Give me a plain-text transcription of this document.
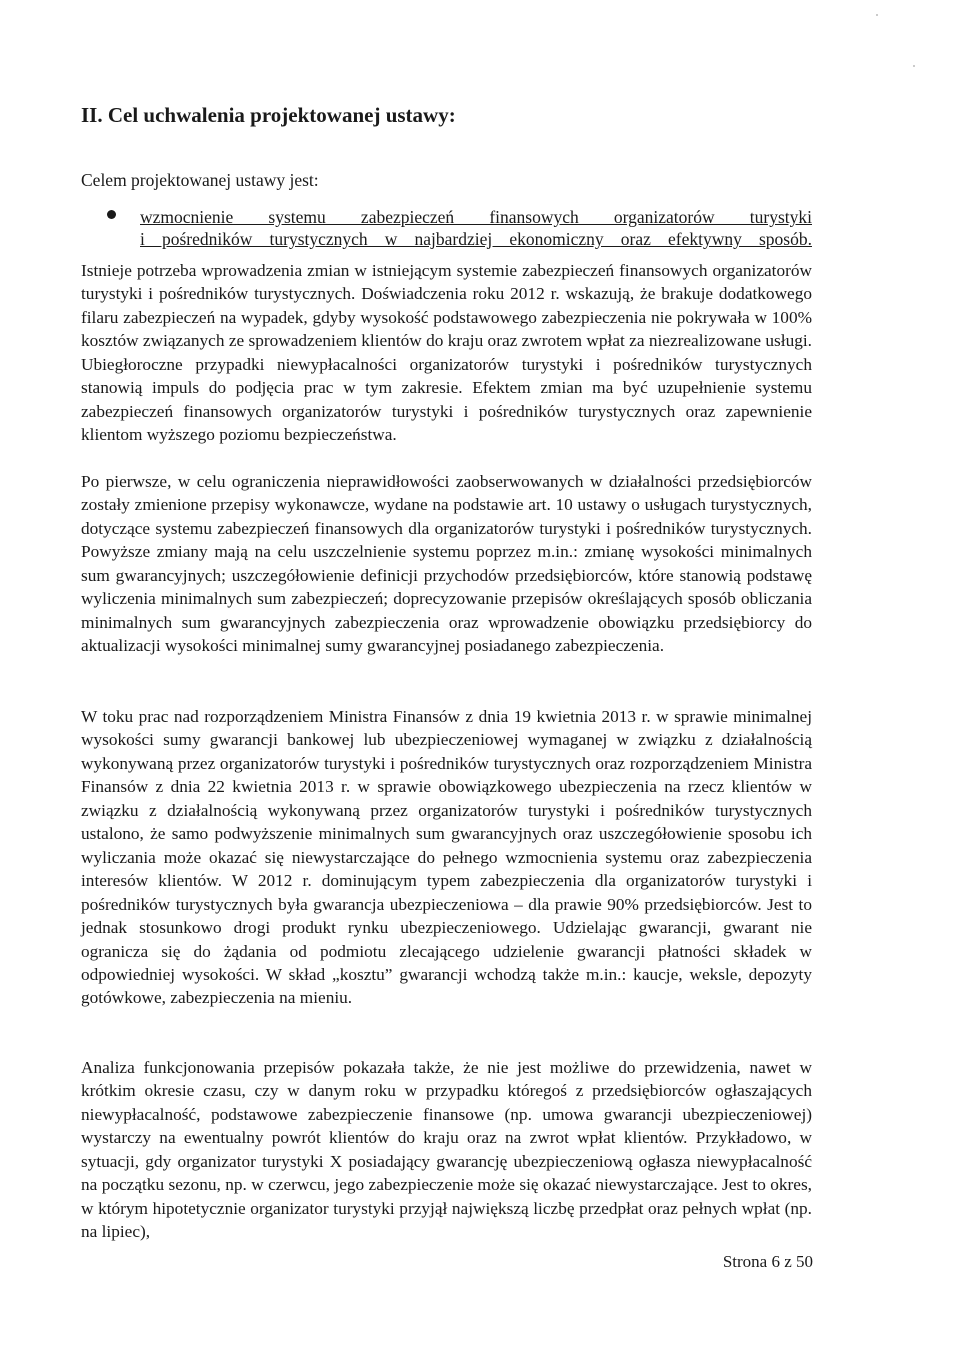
II. Cel uchwalenia projektowanej ustawy:
Celem projektowanej ustawy jest:
wzmocnienie systemu zabezpieczeń finansowych organizatorów turystyki
i pośredników turystycznych w najbardziej ekonomiczny oraz efektywny sposób.

Istnieje potrzeba wprowadzenia zmian w istniejącym systemie zabezpieczeń finansowych organizatorów turystyki i pośredników turystycznych. Doświadczenia roku 2012 r. wskazują, że brakuje dodatkowego filaru zabezpieczeń na wypadek, gdyby wysokość podstawowego zabezpieczenia nie pokrywała w 100% kosztów związanych ze sprowadzeniem klientów do kraju oraz zwrotem wpłat za niezrealizowane usługi. Ubiegłoroczne przypadki niewypłacalności organizatorów turystyki i pośredników turystycznych stanowią impuls do podjęcia prac w tym zakresie. Efektem zmian ma być uzupełnienie systemu zabezpieczeń finansowych organizatorów turystyki i pośredników turystycznych oraz zapewnienie klientom wyższego poziomu bezpieczeństwa.

Po pierwsze, w celu ograniczenia nieprawidłowości zaobserwowanych w działalności przedsiębiorców zostały zmienione przepisy wykonawcze, wydane na podstawie art. 10 ustawy o usługach turystycznych, dotyczące systemu zabezpieczeń finansowych dla organizatorów turystyki i pośredników turystycznych. Powyższe zmiany mają na celu uszczelnienie systemu poprzez m.in.: zmianę wysokości minimalnych sum gwarancyjnych; uszczegółowienie definicji przychodów przedsiębiorców, które stanowią podstawę wyliczenia minimalnych sum zabezpieczeń; doprecyzowanie przepisów określających sposób obliczania minimalnych sum gwarancyjnych zabezpieczenia oraz wprowadzenie obowiązku przedsiębiorcy do aktualizacji wysokości minimalnej sumy gwarancyjnej posiadanego zabezpieczenia.

W toku prac nad rozporządzeniem Ministra Finansów z dnia 19 kwietnia 2013 r. w sprawie minimalnej wysokości sumy gwarancji bankowej lub ubezpieczeniowej wymaganej w związku z działalnością wykonywaną przez organizatorów turystyki i pośredników turystycznych oraz rozporządzeniem Ministra Finansów z dnia 22 kwietnia 2013 r. w sprawie obowiązkowego ubezpieczenia na rzecz klientów w związku z działalnością wykonywaną przez organizatorów turystyki i pośredników turystycznych ustalono, że samo podwyższenie minimalnych sum gwarancyjnych oraz uszczegółowienie sposobu ich wyliczania może okazać się niewystarczające do pełnego wzmocnienia systemu oraz zabezpieczenia interesów klientów. W 2012 r. dominującym typem zabezpieczenia dla organizatorów turystyki i pośredników turystycznych była gwarancja ubezpieczeniowa – dla prawie 90% przedsiębiorców. Jest to jednak stosunkowo drogi produkt rynku ubezpieczeniowego. Udzielając gwarancji, gwarant nie ogranicza się do żądania od podmiotu zlecającego udzielenie gwarancji płatności składek w odpowiedniej wysokości. W skład „kosztu” gwarancji wchodzą także m.in.: kaucje, weksle, depozyty gotówkowe, zabezpieczenia na mieniu.

Analiza funkcjonowania przepisów pokazała także, że nie jest możliwe do przewidzenia, nawet w krótkim okresie czasu, czy w danym roku w przypadku któregoś z przedsiębiorców ogłaszających niewypłacalność, podstawowe zabezpieczenie finansowe (np. umowa gwarancji ubezpieczeniowej) wystarczy na ewentualny powrót klientów do kraju oraz na zwrot wpłat klientów. Przykładowo, w sytuacji, gdy organizator turystyki X posiadający gwarancję ubezpieczeniową ogłasza niewypłacalność na początku sezonu, np. w czerwcu, jego zabezpieczenie może się okazać niewystarczające. Jest to okres, w którym hipotetycznie organizator turystyki przyjął największą liczbę przedpłat oraz pełnych wpłat (np. na lipiec),

Strona 6 z 50
